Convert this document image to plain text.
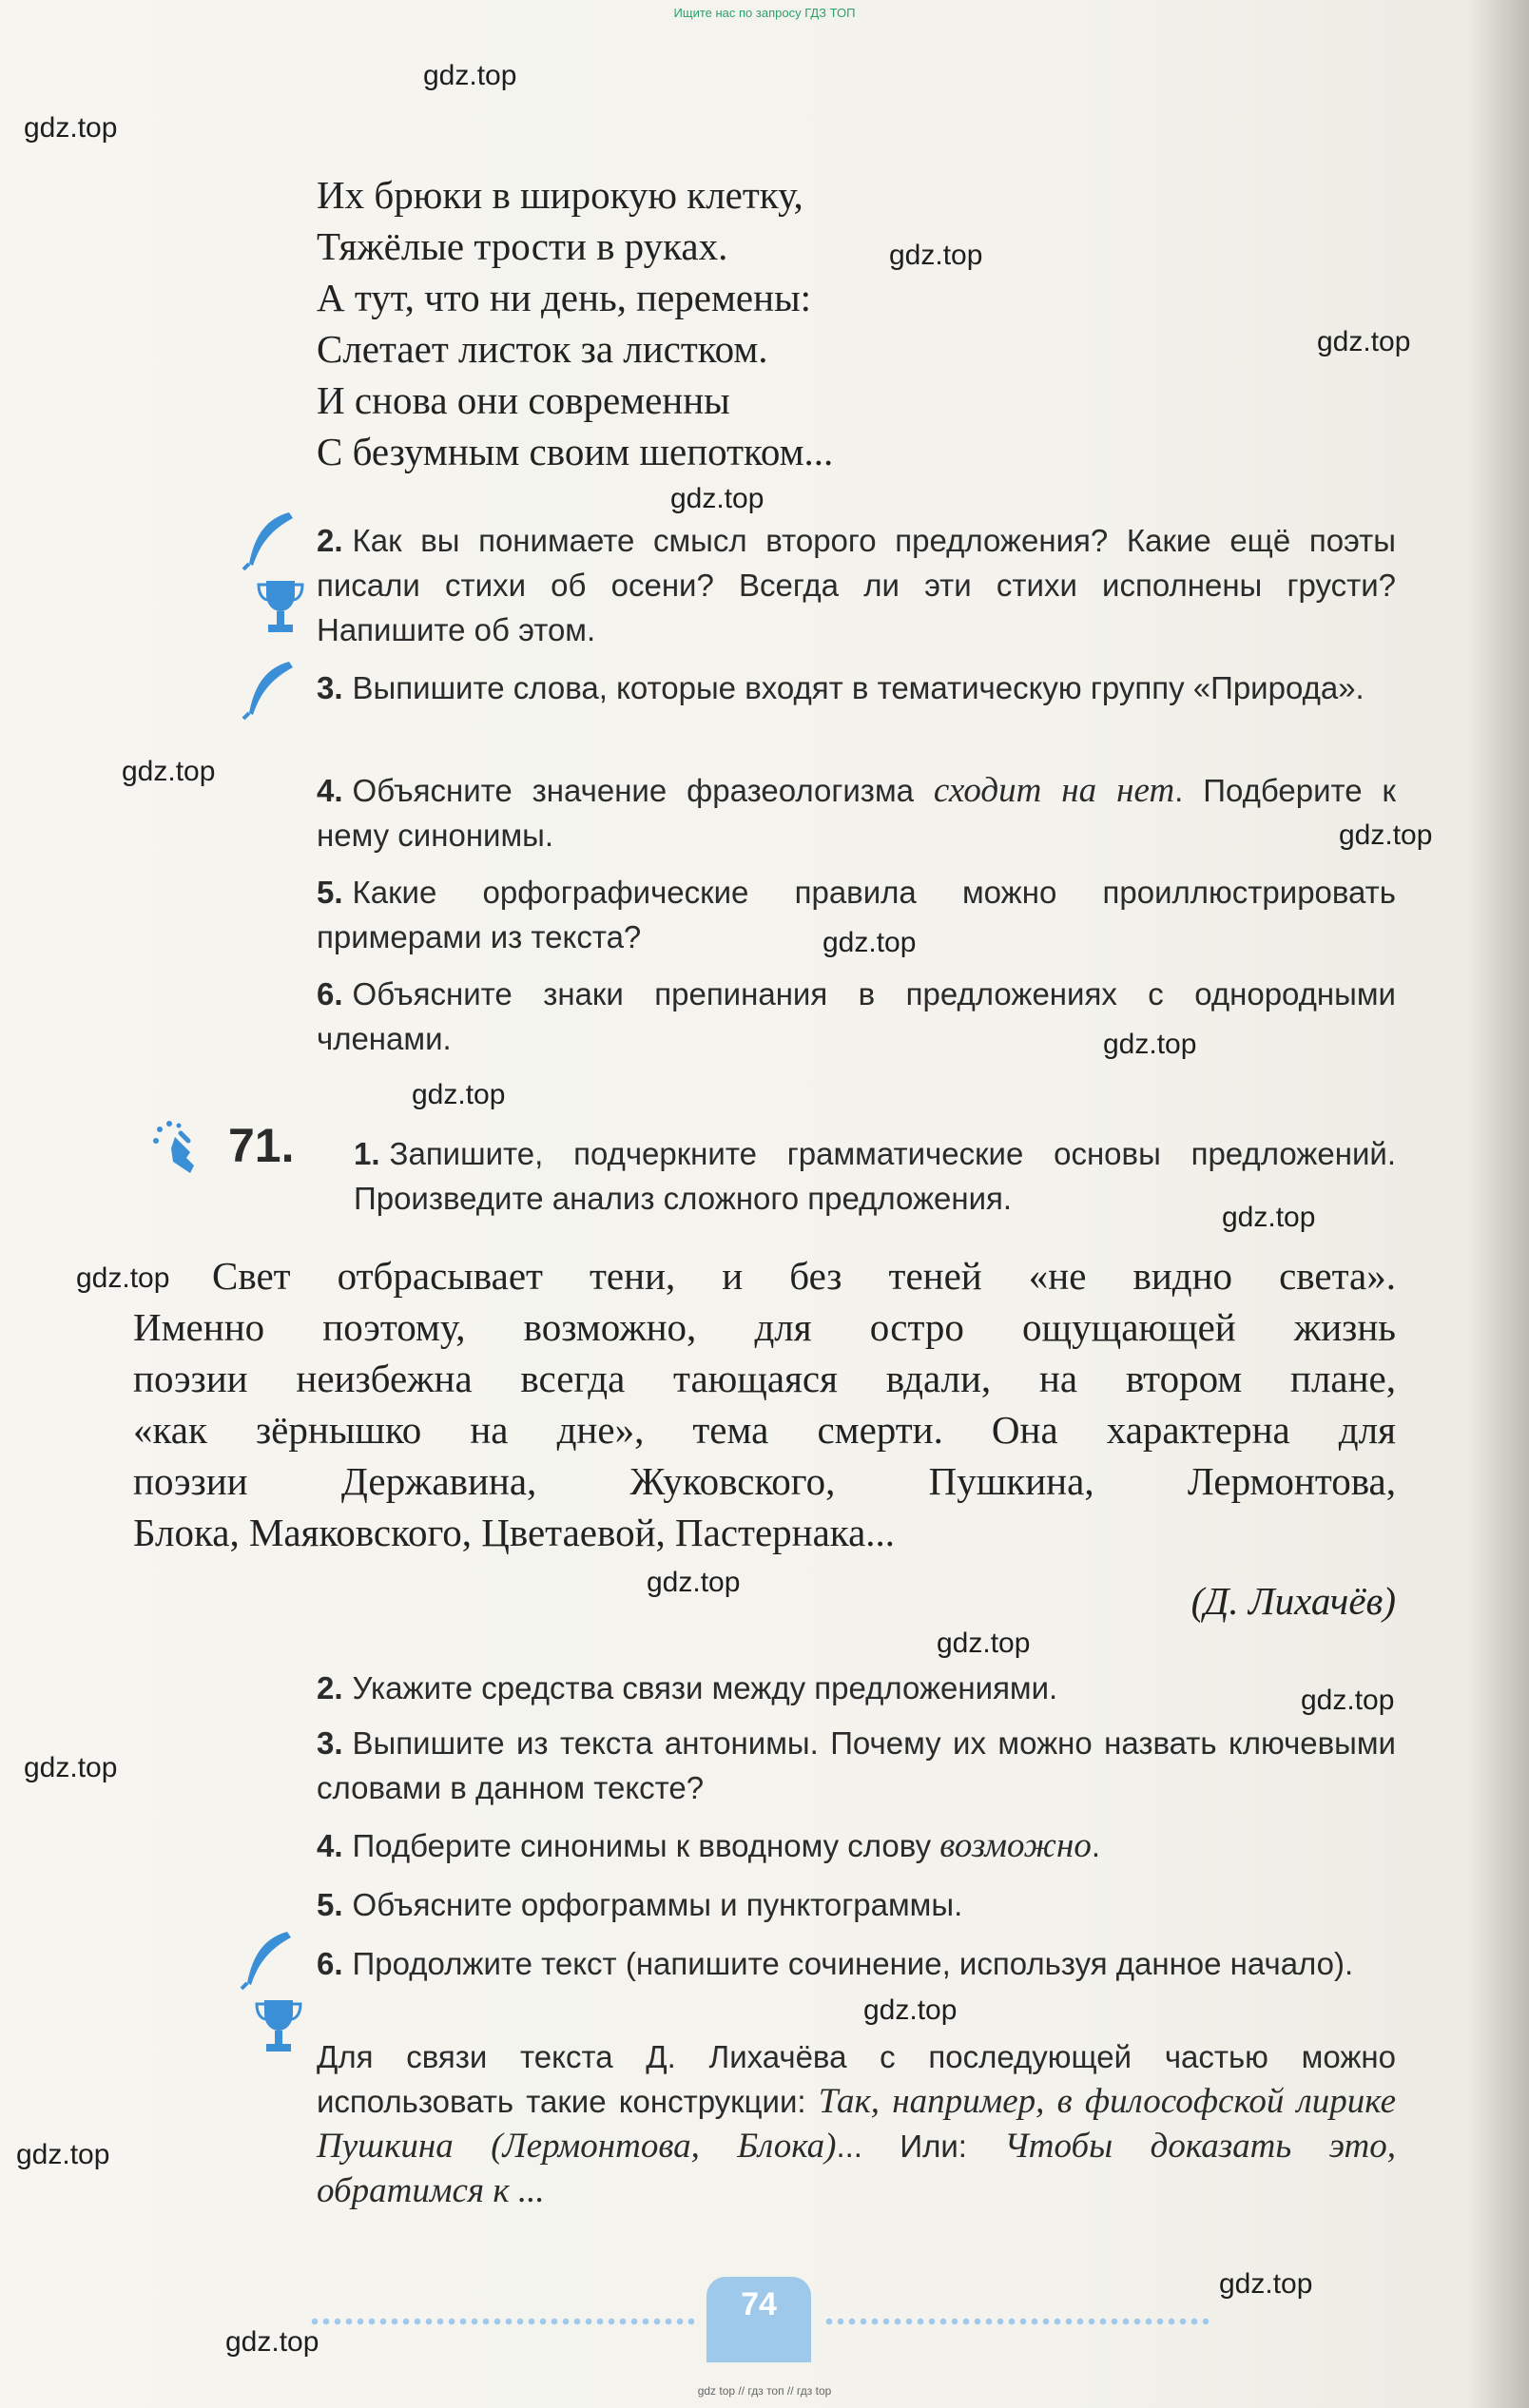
Ищите нас по запросу ГДЗ ТОП
gdz.top
gdz.top
gdz.top
gdz.top
gdz.top
gdz.top
gdz.top
gdz.top
gdz.top
gdz.top
gdz.top
gdz.top
gdz.top
gdz.top
gdz.top
gdz.top
gdz.top
gdz.top
gdz.top
gdz.top
Их брюки в широкую клетку,
Тяжёлые трости в руках.
А тут, что ни день, перемены:
Слетает листок за листком.
И снова они современны
С безумным своим шепотком...
2. Как вы понимаете смысл второго предложения? Какие ещё поэты писали стихи об осени? Всегда ли эти стихи исполнены грусти? Напишите об этом.
3. Выпишите слова, которые входят в тематическую группу «Природа».
4. Объясните значение фразеологизма сходит на нет. Подберите к нему синонимы.
5. Какие орфографические правила можно проиллюстрировать примерами из текста?
6. Объясните знаки препинания в предложениях с однородными членами.
71. 1. Запишите, подчеркните грамматические основы предложений. Произведите анализ сложного предложения.
Свет отбрасывает тени, и без теней «не видно света».
Именно поэтому, возможно, для остро ощущающей жизнь
поэзии неизбежна всегда тающаяся вдали, на втором плане,
«как зёрнышко на дне», тема смерти. Она характерна для
поэзии Державина, Жуковского, Пушкина, Лермонтова,
Блока, Маяковского, Цветаевой, Пастернака...
(Д. Лихачёв)
2. Укажите средства связи между предложениями.
3. Выпишите из текста антонимы. Почему их можно назвать ключевыми словами в данном тексте?
4. Подберите синонимы к вводному слову возможно.
5. Объясните орфограммы и пунктограммы.
6. Продолжите текст (напишите сочинение, используя данное начало).
Для связи текста Д. Лихачёва с последующей частью можно использовать такие конструкции: Так, например, в философской лирике Пушкина (Лермонтова, Блока)... Или: Чтобы доказать это, обратимся к ...
74
gdz top // гдз топ // гдз top
